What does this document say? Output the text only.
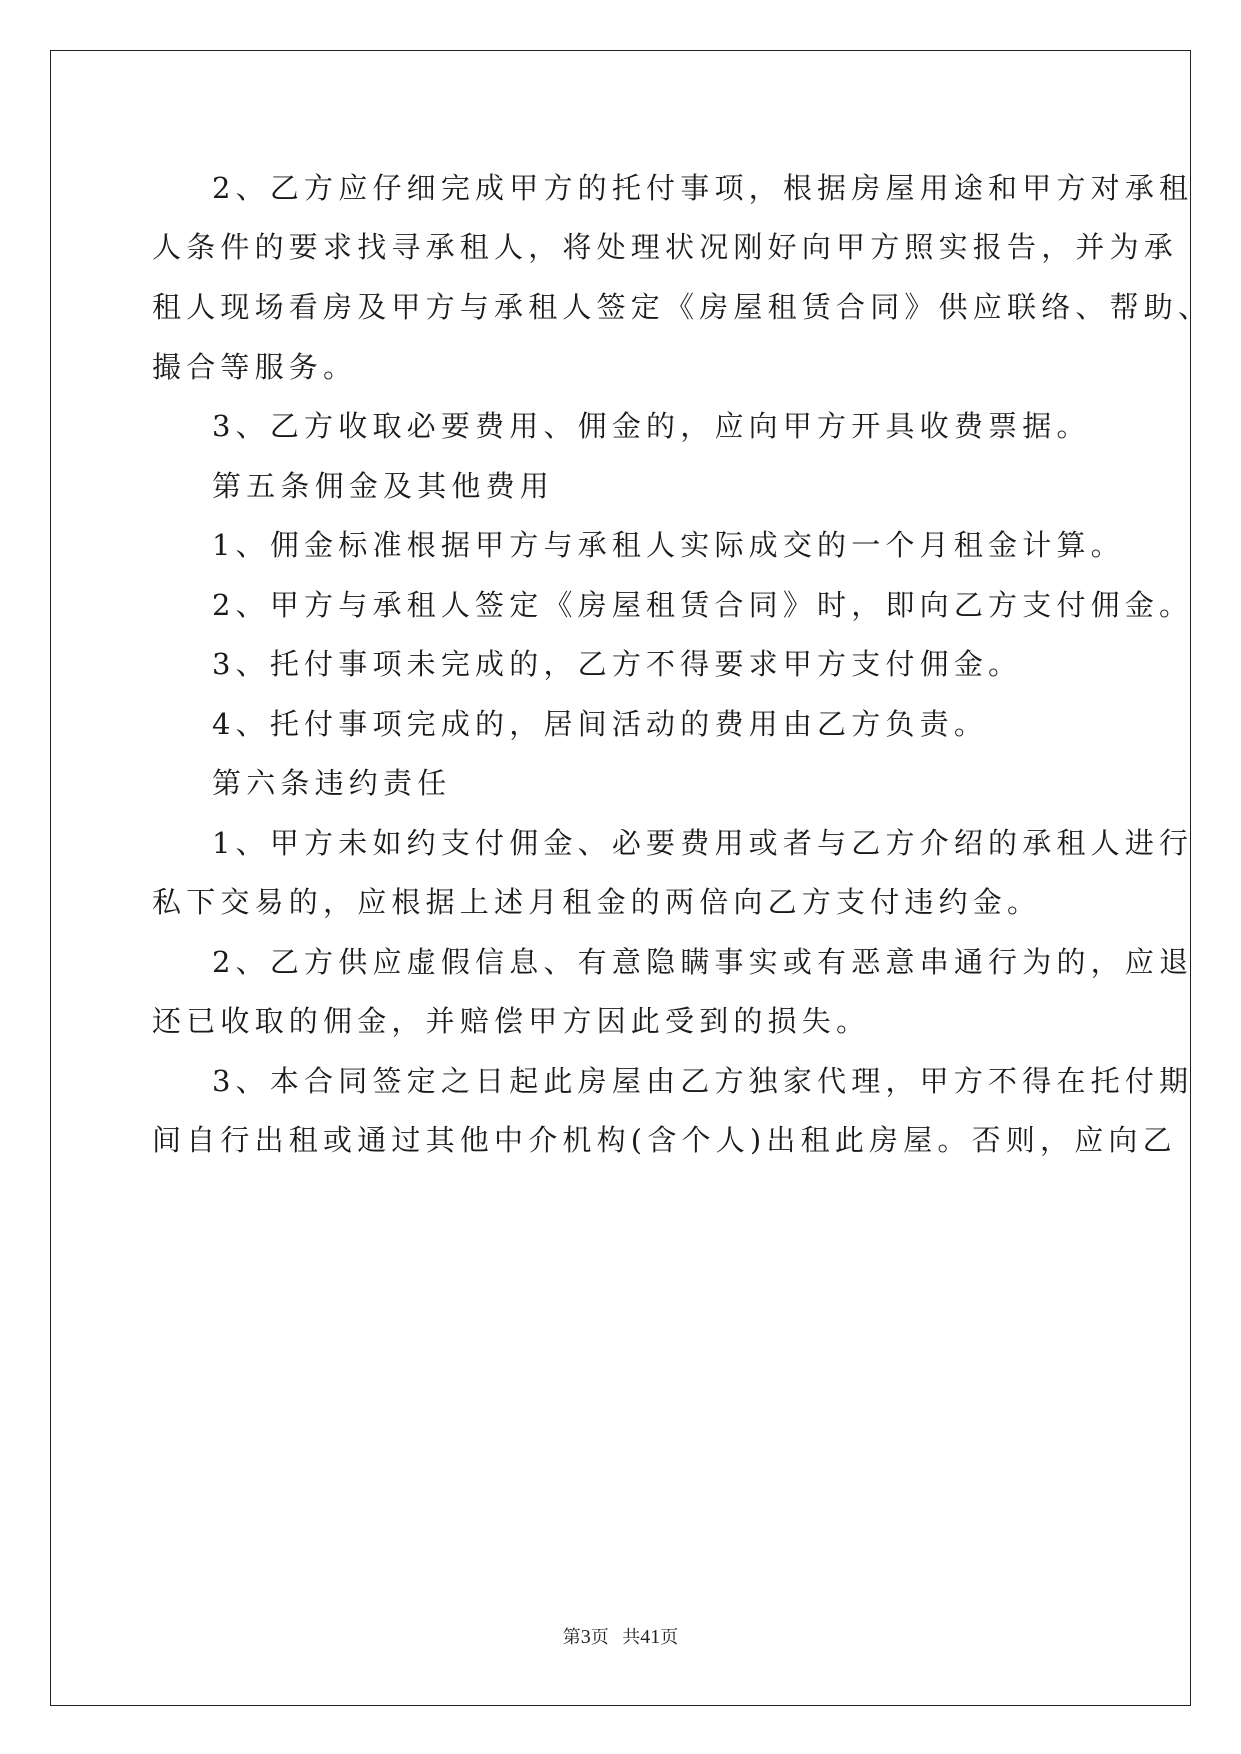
2、乙方应仔细完成甲方的托付事项，根据房屋用途和甲方对承租
人条件的要求找寻承租人，将处理状况刚好向甲方照实报告，并为承
租人现场看房及甲方与承租人签定《房屋租赁合同》供应联络、帮助、
撮合等服务。
3、乙方收取必要费用、佣金的，应向甲方开具收费票据。
第五条佣金及其他费用
1、佣金标准根据甲方与承租人实际成交的一个月租金计算。
2、甲方与承租人签定《房屋租赁合同》时，即向乙方支付佣金。
3、托付事项未完成的，乙方不得要求甲方支付佣金。
4、托付事项完成的，居间活动的费用由乙方负责。
第六条违约责任
1、甲方未如约支付佣金、必要费用或者与乙方介绍的承租人进行
私下交易的，应根据上述月租金的两倍向乙方支付违约金。
2、乙方供应虚假信息、有意隐瞒事实或有恶意串通行为的，应退
还已收取的佣金，并赔偿甲方因此受到的损失。
3、本合同签定之日起此房屋由乙方独家代理，甲方不得在托付期
间自行出租或通过其他中介机构(含个人)出租此房屋。否则，应向乙
第3页   共41页
